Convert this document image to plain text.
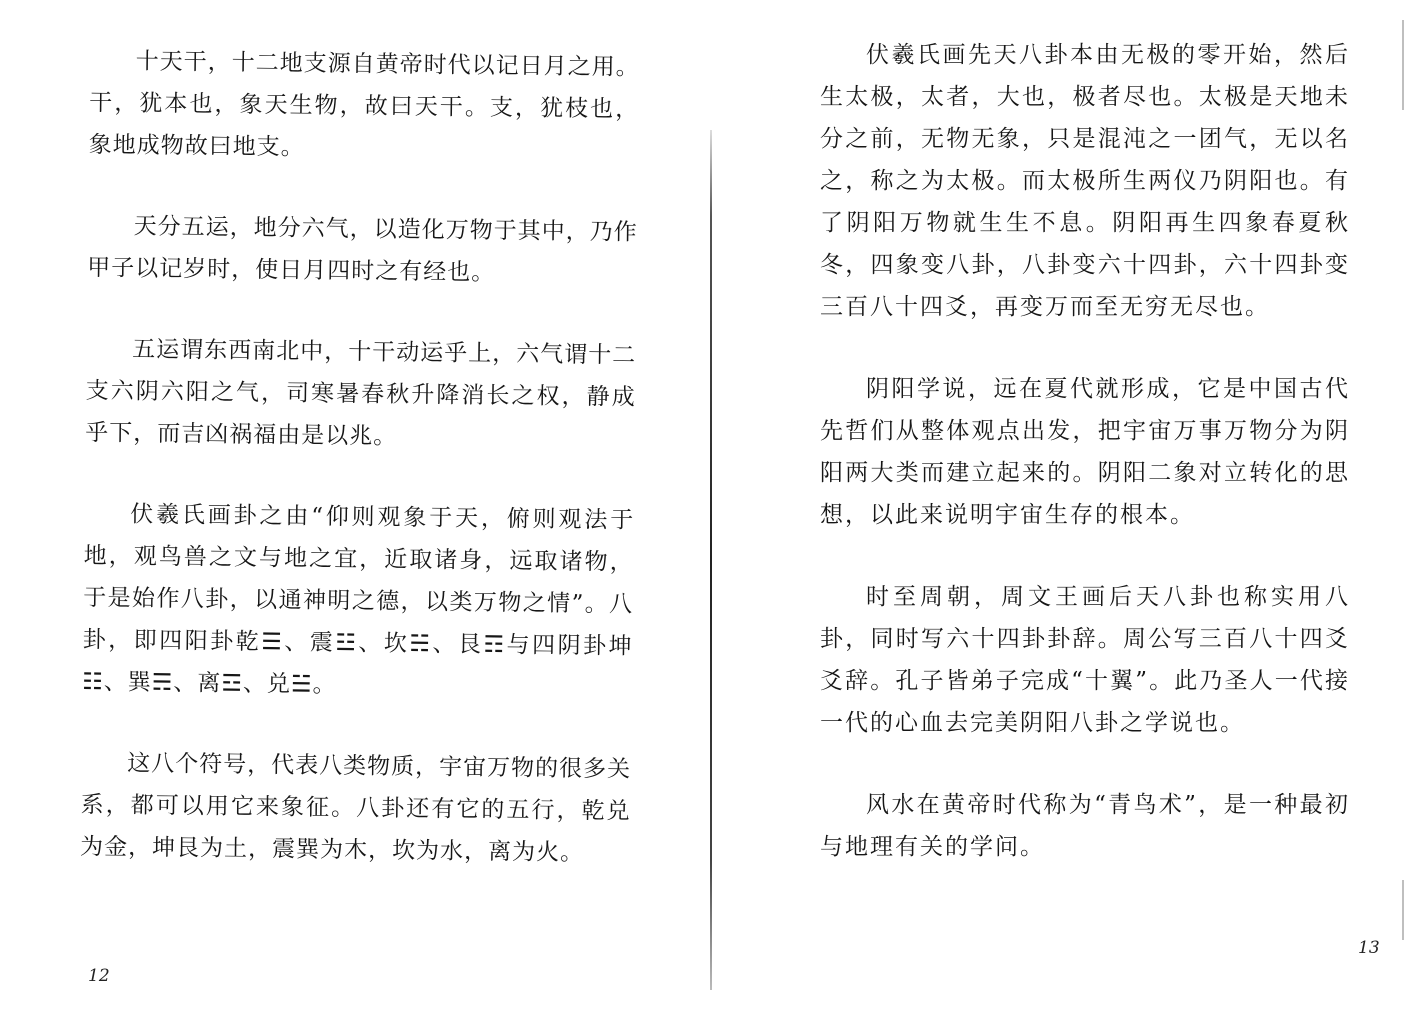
十天干，十二地支源自黄帝时代以记日月之用。干，犹本也，象天生物，故曰天干。支，犹枝也，象地成物故曰地支。

天分五运，地分六气，以造化万物于其中，乃作甲子以记岁时，使日月四时之有经也。

五运谓东西南北中，十干动运乎上，六气谓十二支六阴六阳之气，司寒暑春秋升降消长之权，静成乎下，而吉凶祸福由是以兆。

伏羲氏画卦之由“仰则观象于天，俯则观法于地，观鸟兽之文与地之宜，近取诸身，远取诸物，于是始作八卦，以通神明之德，以类万物之情”。八卦，即四阳卦乾☰、震☳、坎☵、艮☶与四阴卦坤☷、巽☴、离☲、兑☱。

这八个符号，代表八类物质，宇宙万物的很多关系，都可以用它来象征。八卦还有它的五行，乾兑为金，坤艮为土，震巽为木，坎为水，离为火。

12

伏羲氏画先天八卦本由无极的零开始，然后生太极，太者，大也，极者尽也。太极是天地未分之前，无物无象，只是混沌之一团气，无以名之，称之为太极。而太极所生两仪乃阴阳也。有了阴阳万物就生生不息。阴阳再生四象春夏秋冬，四象变八卦，八卦变六十四卦，六十四卦变三百八十四爻，再变万而至无穷无尽也。

阴阳学说，远在夏代就形成，它是中国古代先哲们从整体观点出发，把宇宙万事万物分为阴阳两大类而建立起来的。阴阳二象对立转化的思想，以此来说明宇宙生存的根本。

时至周朝，周文王画后天八卦也称实用八卦，同时写六十四卦卦辞。周公写三百八十四爻爻辞。孔子皆弟子完成“十翼”。此乃圣人一代接一代的心血去完美阴阳八卦之学说也。

风水在黄帝时代称为“青鸟术”，是一种最初与地理有关的学问。

13
